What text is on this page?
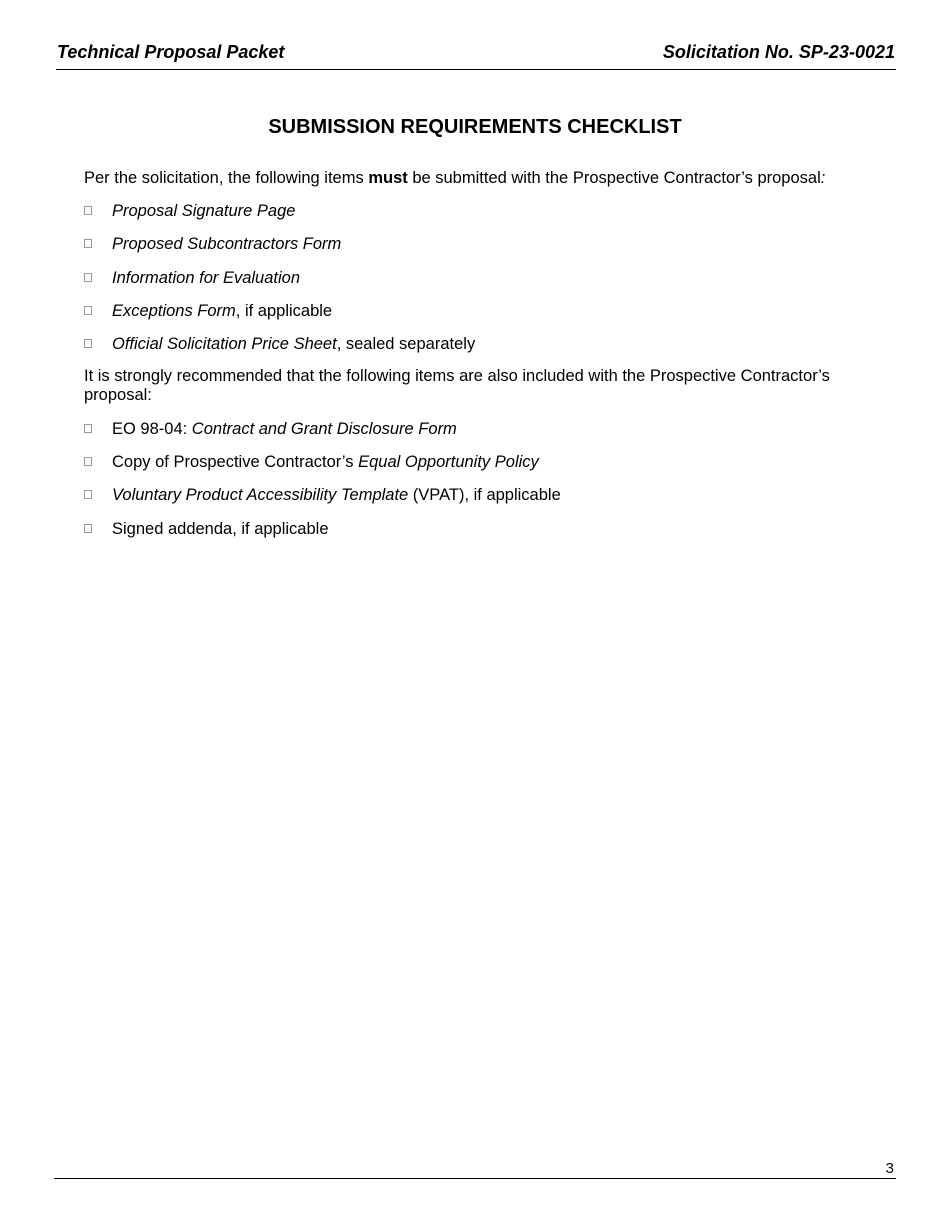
Technical Proposal Packet	Solicitation No. SP-23-0021
SUBMISSION REQUIREMENTS CHECKLIST
Per the solicitation, the following items must be submitted with the Prospective Contractor’s proposal:
Proposal Signature Page
Proposed Subcontractors Form
Information for Evaluation
Exceptions Form, if applicable
Official Solicitation Price Sheet, sealed separately
It is strongly recommended that the following items are also included with the Prospective Contractor’s proposal:
EO 98-04: Contract and Grant Disclosure Form
Copy of Prospective Contractor’s Equal Opportunity Policy
Voluntary Product Accessibility Template (VPAT), if applicable
Signed addenda, if applicable
3
